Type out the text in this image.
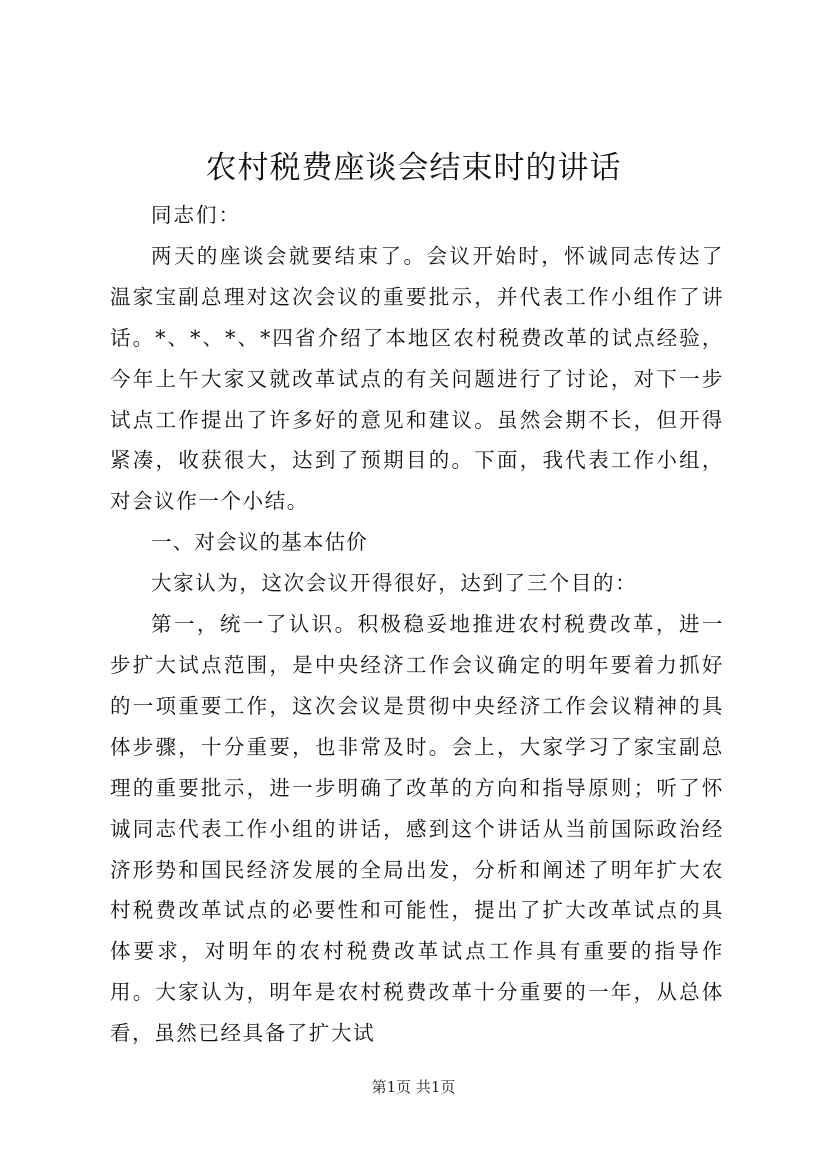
农村税费座谈会结束时的讲话

同志们：

两天的座谈会就要结束了。会议开始时，怀诚同志传达了温家宝副总理对这次会议的重要批示，并代表工作小组作了讲话。*、*、*、*四省介绍了本地区农村税费改革的试点经验，今年上午大家又就改革试点的有关问题进行了讨论，对下一步试点工作提出了许多好的意见和建议。虽然会期不长，但开得紧凑，收获很大，达到了预期目的。下面，我代表工作小组，对会议作一个小结。

一、对会议的基本估价

大家认为，这次会议开得很好，达到了三个目的：

第一，统一了认识。积极稳妥地推进农村税费改革，进一步扩大试点范围，是中央经济工作会议确定的明年要着力抓好的一项重要工作，这次会议是贯彻中央经济工作会议精神的具体步骤，十分重要，也非常及时。会上，大家学习了家宝副总理的重要批示，进一步明确了改革的方向和指导原则；听了怀诚同志代表工作小组的讲话，感到这个讲话从当前国际政治经济形势和国民经济发展的全局出发，分析和阐述了明年扩大农村税费改革试点的必要性和可能性，提出了扩大改革试点的具体要求，对明年的农村税费改革试点工作具有重要的指导作用。大家认为，明年是农村税费改革十分重要的一年，从总体看，虽然已经具备了扩大试

第1页 共1页
